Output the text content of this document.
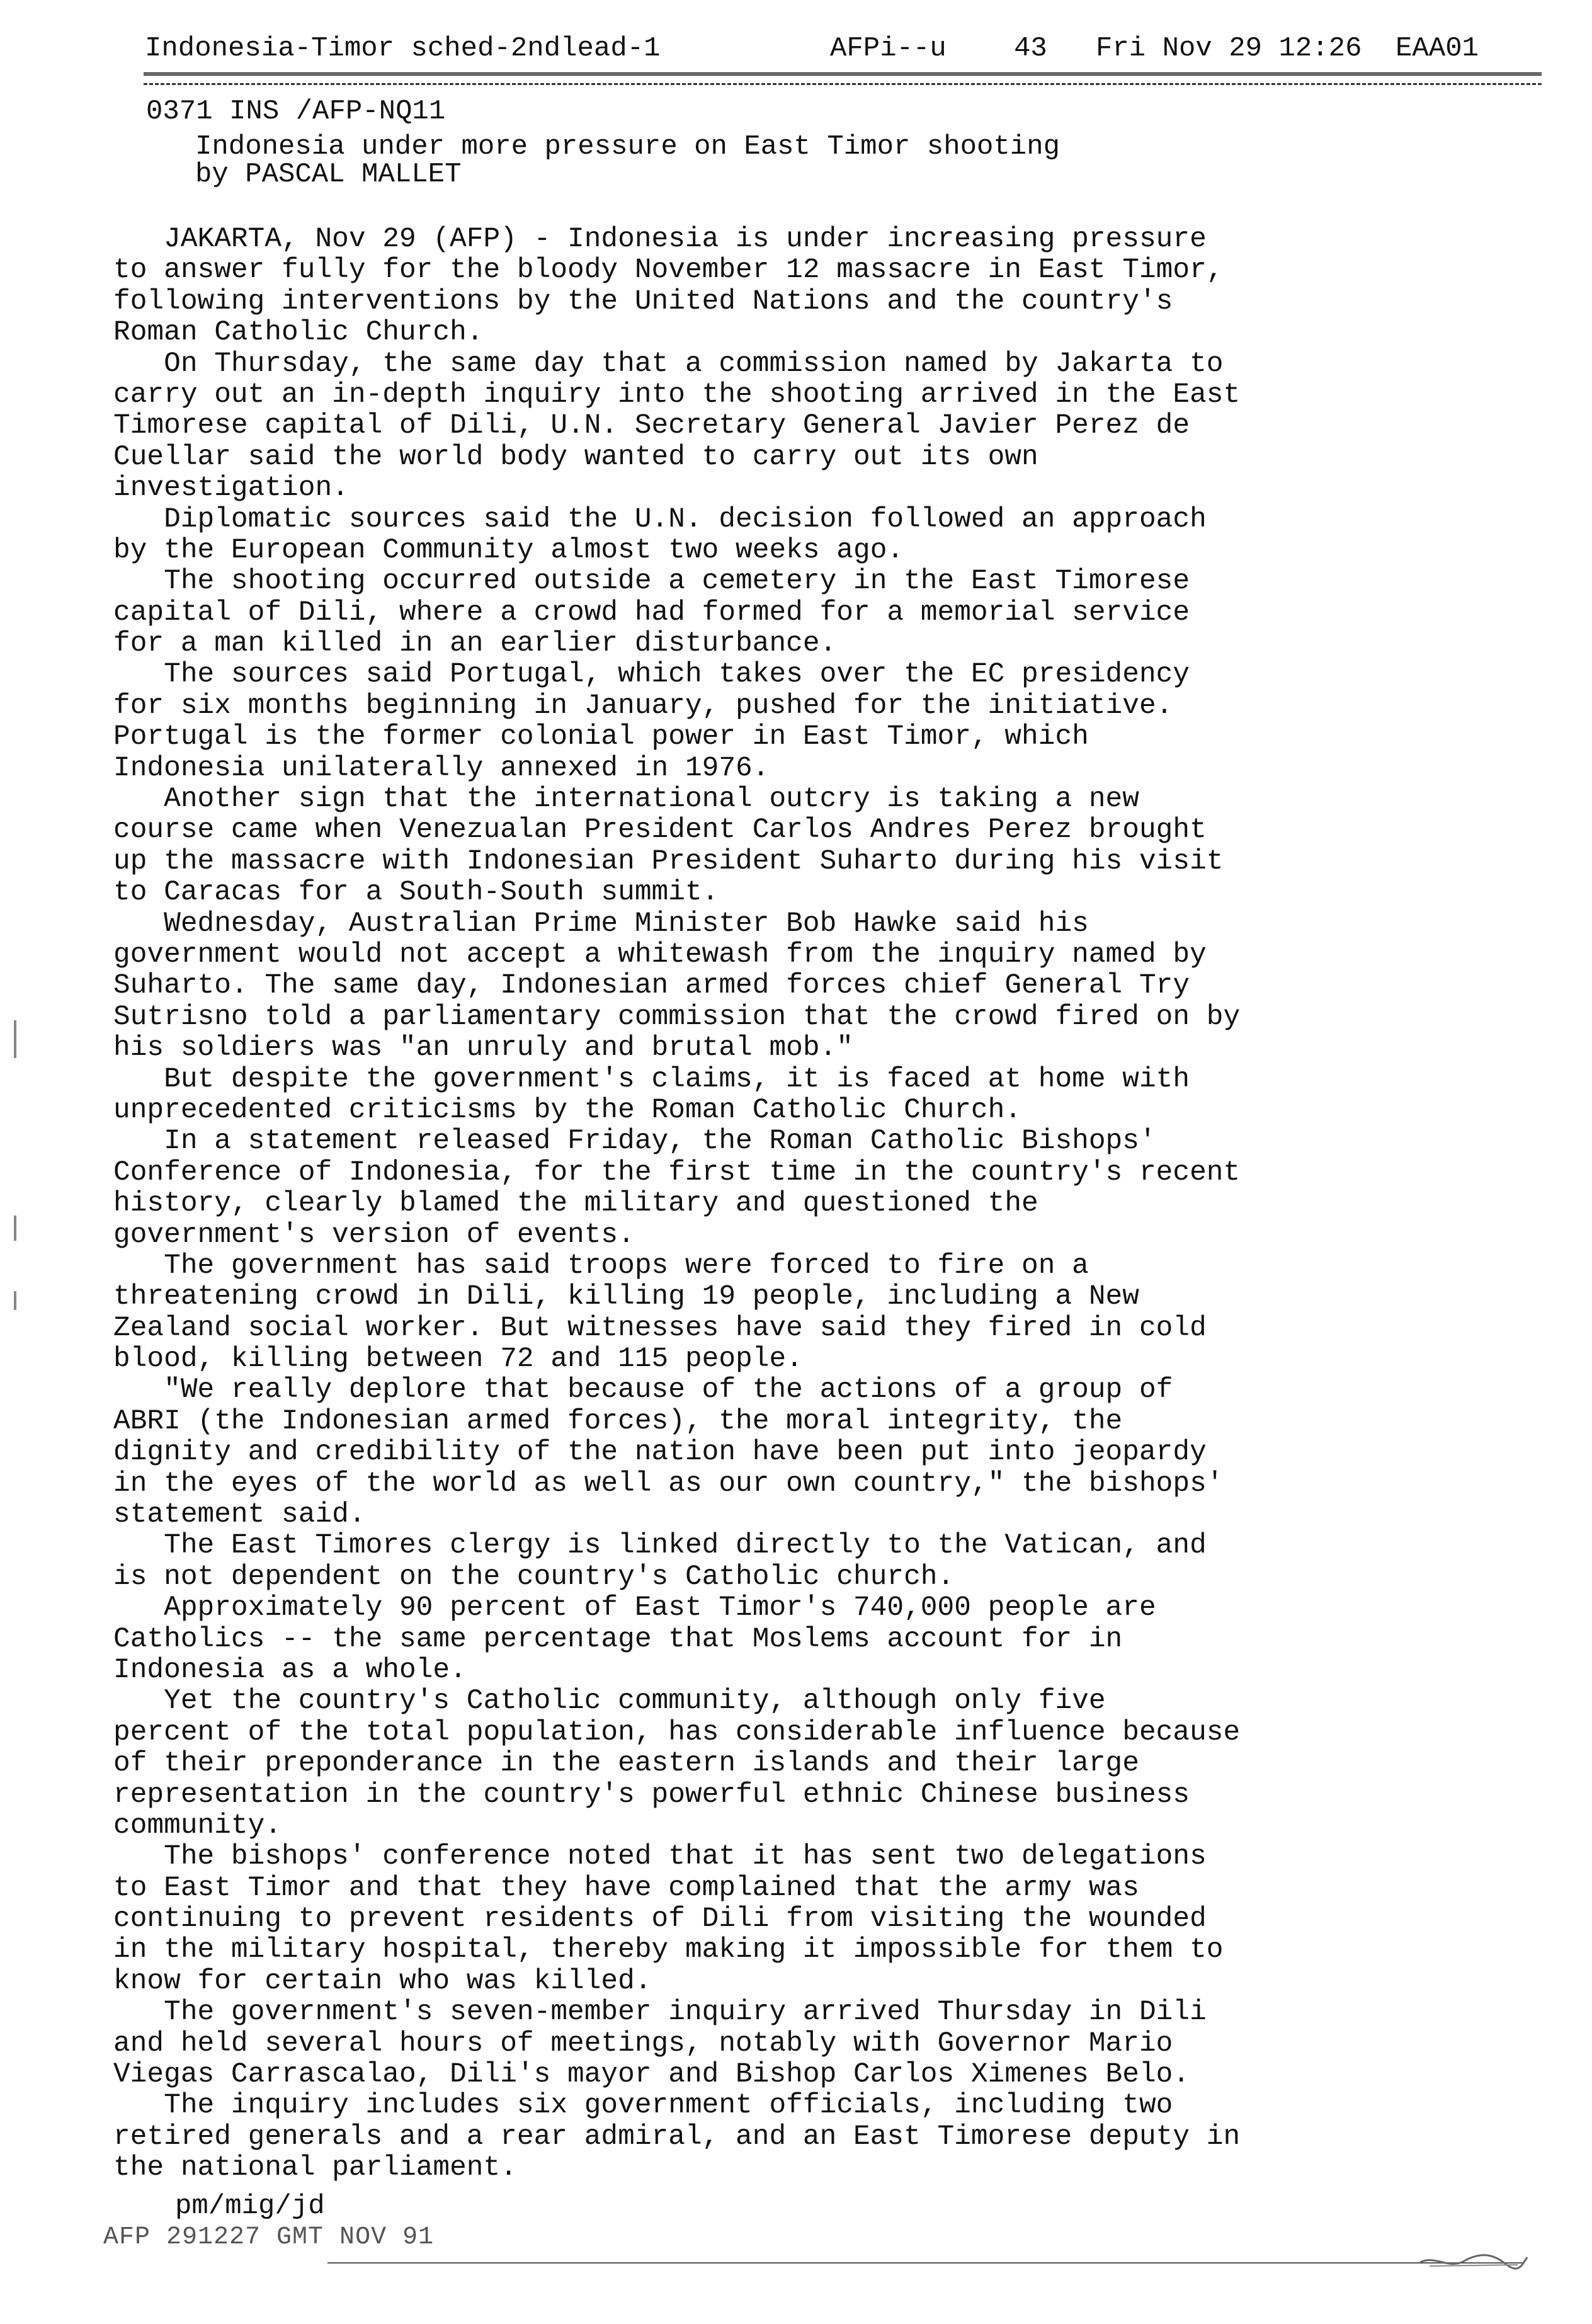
Indonesia-Timor sched-2ndlead-1

	AFPi--u

43

Fri Nov 29 12:26

EAA01

0371 INS /AFP-NQ11
Indonesia under more pressure on East Timor shooting
by PASCAL MALLET
JAKARTA, Nov 29 (AFP) - Indonesia is under increasing pressure
to answer fully for the bloody November 12 massacre in East Timor,
following interventions by the United Nations and the country's
Roman Catholic Church.
On Thursday, the same day that a commission named by Jakarta to
carry out an in-depth inquiry into the shooting arrived in the East
Timorese capital of Dili, U.N. Secretary General Javier Perez de
Cuellar said the world body wanted to carry out its own
investigation.
Diplomatic sources said the U.N. decision followed an approach
by the European Community almost two weeks ago.
The shooting occurred outside a cemetery in the East Timorese
capital of Dili, where a crowd had formed for a memorial service
for a man killed in an earlier disturbance.
The sources said Portugal, which takes over the EC presidency
for six months beginning in January, pushed for the initiative.
Portugal is the former colonial power in East Timor, which
Indonesia unilaterally annexed in 1976.
Another sign that the international outcry is taking a new
course came when Venezualan President Carlos Andres Perez brought
up the massacre with Indonesian President Suharto during his visit
to Caracas for a South-South summit.
Wednesday, Australian Prime Minister Bob Hawke said his
government would not accept a whitewash from the inquiry named by
Suharto. The same day, Indonesian armed forces chief General Try
Sutrisno told a parliamentary commission that the crowd fired on by
his soldiers was "an unruly and brutal mob."
But despite the government's claims, it is faced at home with
unprecedented criticisms by the Roman Catholic Church.
In a statement released Friday, the Roman Catholic Bishops'
Conference of Indonesia, for the first time in the country's recent
history, clearly blamed the military and questioned the
government's version of events.
The government has said troops were forced to fire on a
threatening crowd in Dili, killing 19 people, including a New
Zealand social worker. But witnesses have said they fired in cold
blood, killing between 72 and 115 people.
"We really deplore that because of the actions of a group of
ABRI (the Indonesian armed forces), the moral integrity, the
dignity and credibility of the nation have been put into jeopardy
in the eyes of the world as well as our own country," the bishops'
statement said.
The East Timores clergy is linked directly to the Vatican, and
is not dependent on the country's Catholic church.
Approximately 90 percent of East Timor's 740,000 people are
Catholics -- the same percentage that Moslems account for in
Indonesia as a whole.
Yet the country's Catholic community, although only five
percent of the total population, has considerable influence because
of their preponderance in the eastern islands and their large
representation in the country's powerful ethnic Chinese business
community.
The bishops' conference noted that it has sent two delegations
to East Timor and that they have complained that the army was
continuing to prevent residents of Dili from visiting the wounded
in the military hospital, thereby making it impossible for them to
know for certain who was killed.
The government's seven-member inquiry arrived Thursday in Dili
and held several hours of meetings, notably with Governor Mario
Viegas Carrascalao, Dili's mayor and Bishop Carlos Ximenes Belo.
The inquiry includes six government officials, including two
retired generals and a rear admiral, and an East Timorese deputy in
the national parliament.
pm/mig/jd
AFP 291227 GMT NOV 91
